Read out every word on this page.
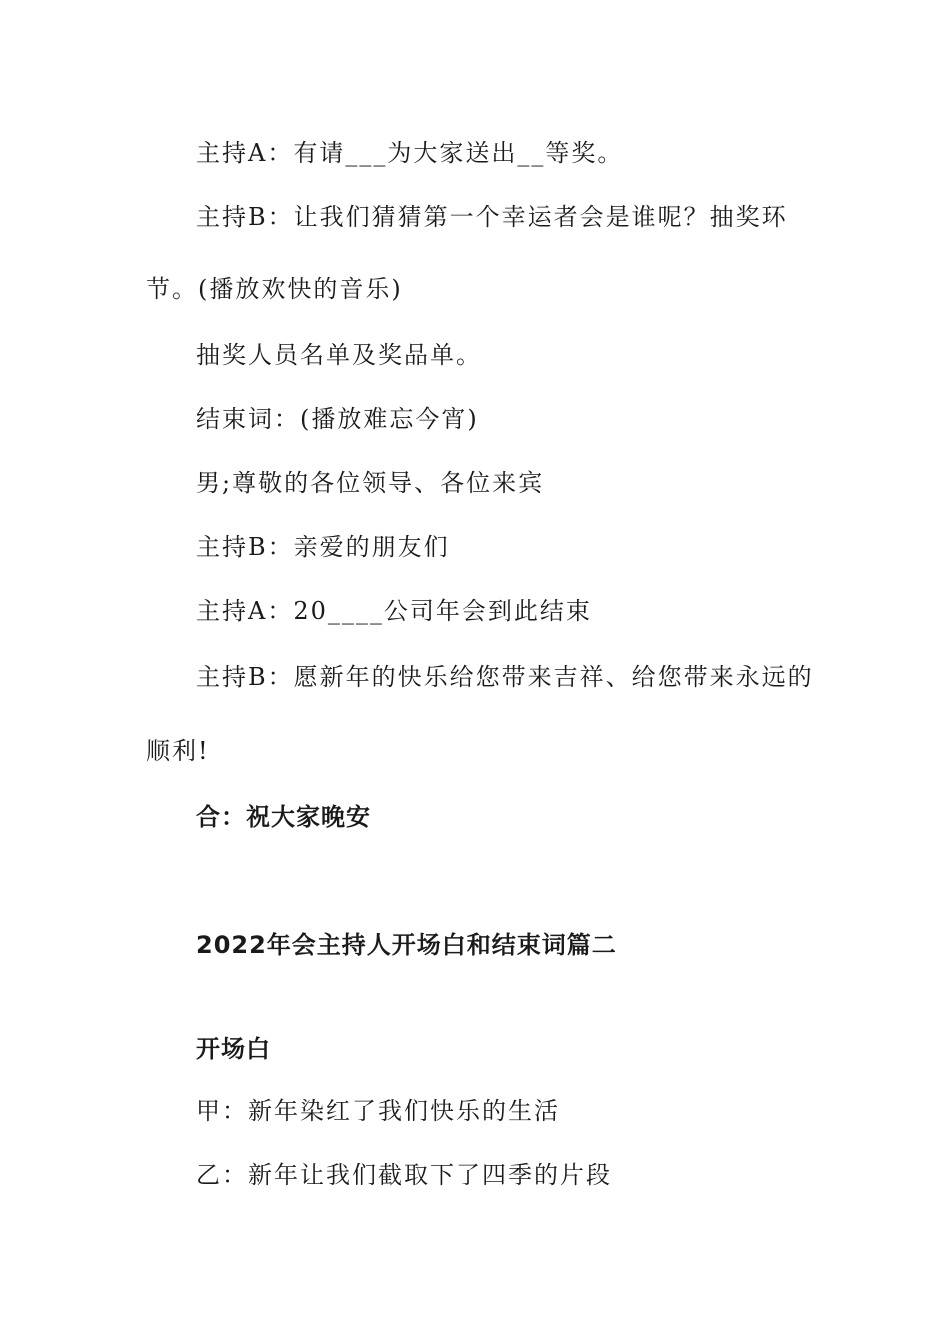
主持A：有请___为大家送出__等奖。
主持B：让我们猜猜第一个幸运者会是谁呢？抽奖环
节。(播放欢快的音乐)
抽奖人员名单及奖品单。
结束词：(播放难忘今宵)
男;尊敬的各位领导、各位来宾
主持B：亲爱的朋友们
主持A：20____公司年会到此结束
主持B：愿新年的快乐给您带来吉祥、给您带来永远的
顺利!
合：祝大家晚安
2022年会主持人开场白和结束词篇二
开场白
甲：新年染红了我们快乐的生活
乙：新年让我们截取下了四季的片段
